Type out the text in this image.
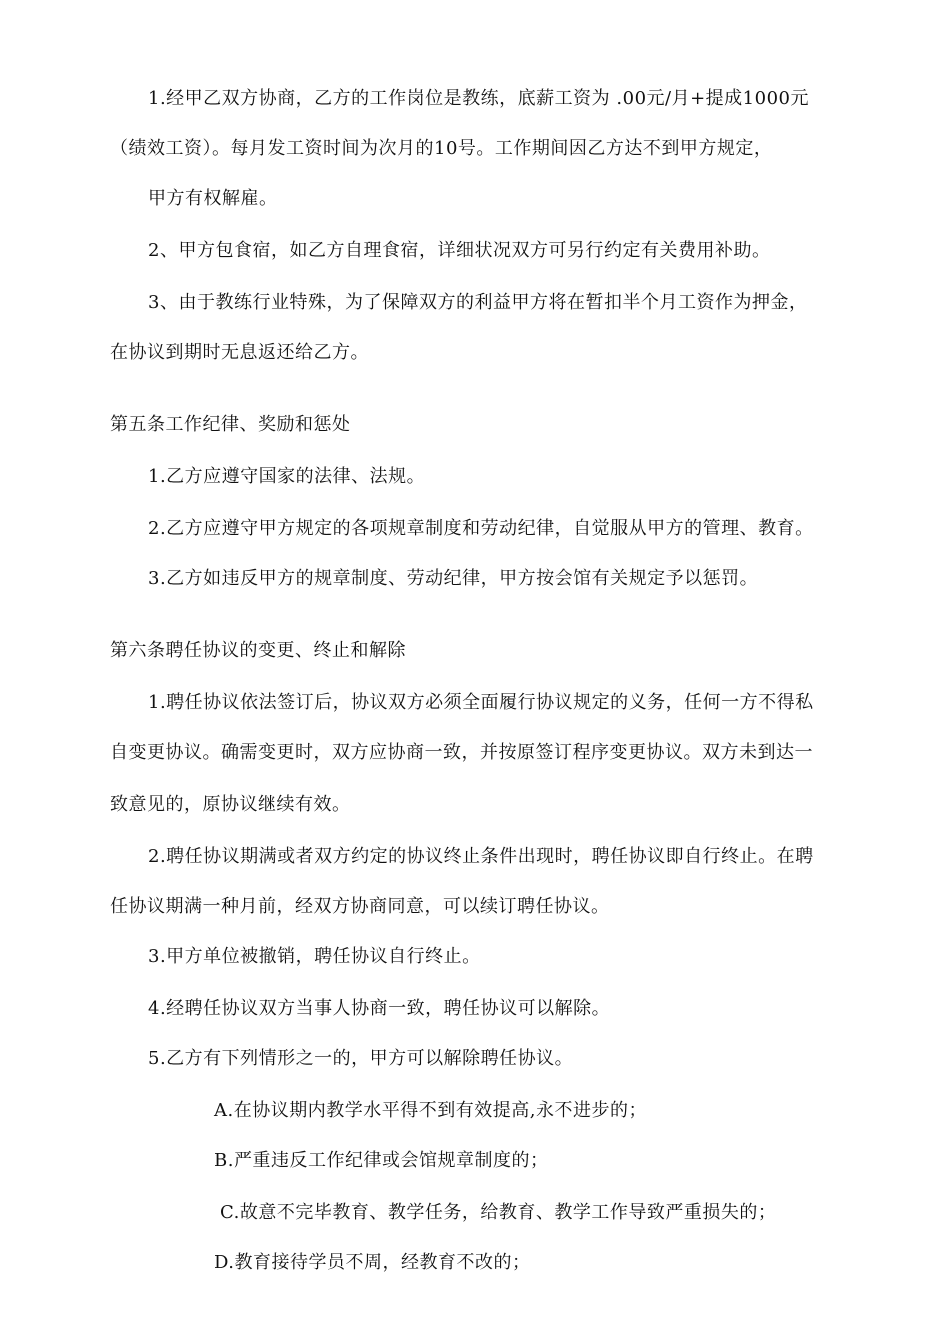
1.经甲乙双方协商，乙方的工作岗位是教练，底薪工资为 .00元/月+提成1000元
（绩效工资）。每月发工资时间为次月的10号。工作期间因乙方达不到甲方规定，
甲方有权解雇。
2、甲方包食宿，如乙方自理食宿，详细状况双方可另行约定有关费用补助。
3、由于教练行业特殊，为了保障双方的利益甲方将在暂扣半个月工资作为押金，
在协议到期时无息返还给乙方。
第五条工作纪律、奖励和惩处
1.乙方应遵守国家的法律、法规。
2.乙方应遵守甲方规定的各项规章制度和劳动纪律，自觉服从甲方的管理、教育。
3.乙方如违反甲方的规章制度、劳动纪律，甲方按会馆有关规定予以惩罚。
第六条聘任协议的变更、终止和解除
1.聘任协议依法签订后，协议双方必须全面履行协议规定的义务，任何一方不得私
自变更协议。确需变更时，双方应协商一致，并按原签订程序变更协议。双方未到达一
致意见的，原协议继续有效。
2.聘任协议期满或者双方约定的协议终止条件出现时，聘任协议即自行终止。在聘
任协议期满一种月前，经双方协商同意，可以续订聘任协议。
3.甲方单位被撤销，聘任协议自行终止。
4.经聘任协议双方当事人协商一致，聘任协议可以解除。
5.乙方有下列情形之一的，甲方可以解除聘任协议。
A.在协议期内教学水平得不到有效提高,永不进步的；
B.严重违反工作纪律或会馆规章制度的；
C.故意不完毕教育、教学任务，给教育、教学工作导致严重损失的；
D.教育接待学员不周，经教育不改的；
